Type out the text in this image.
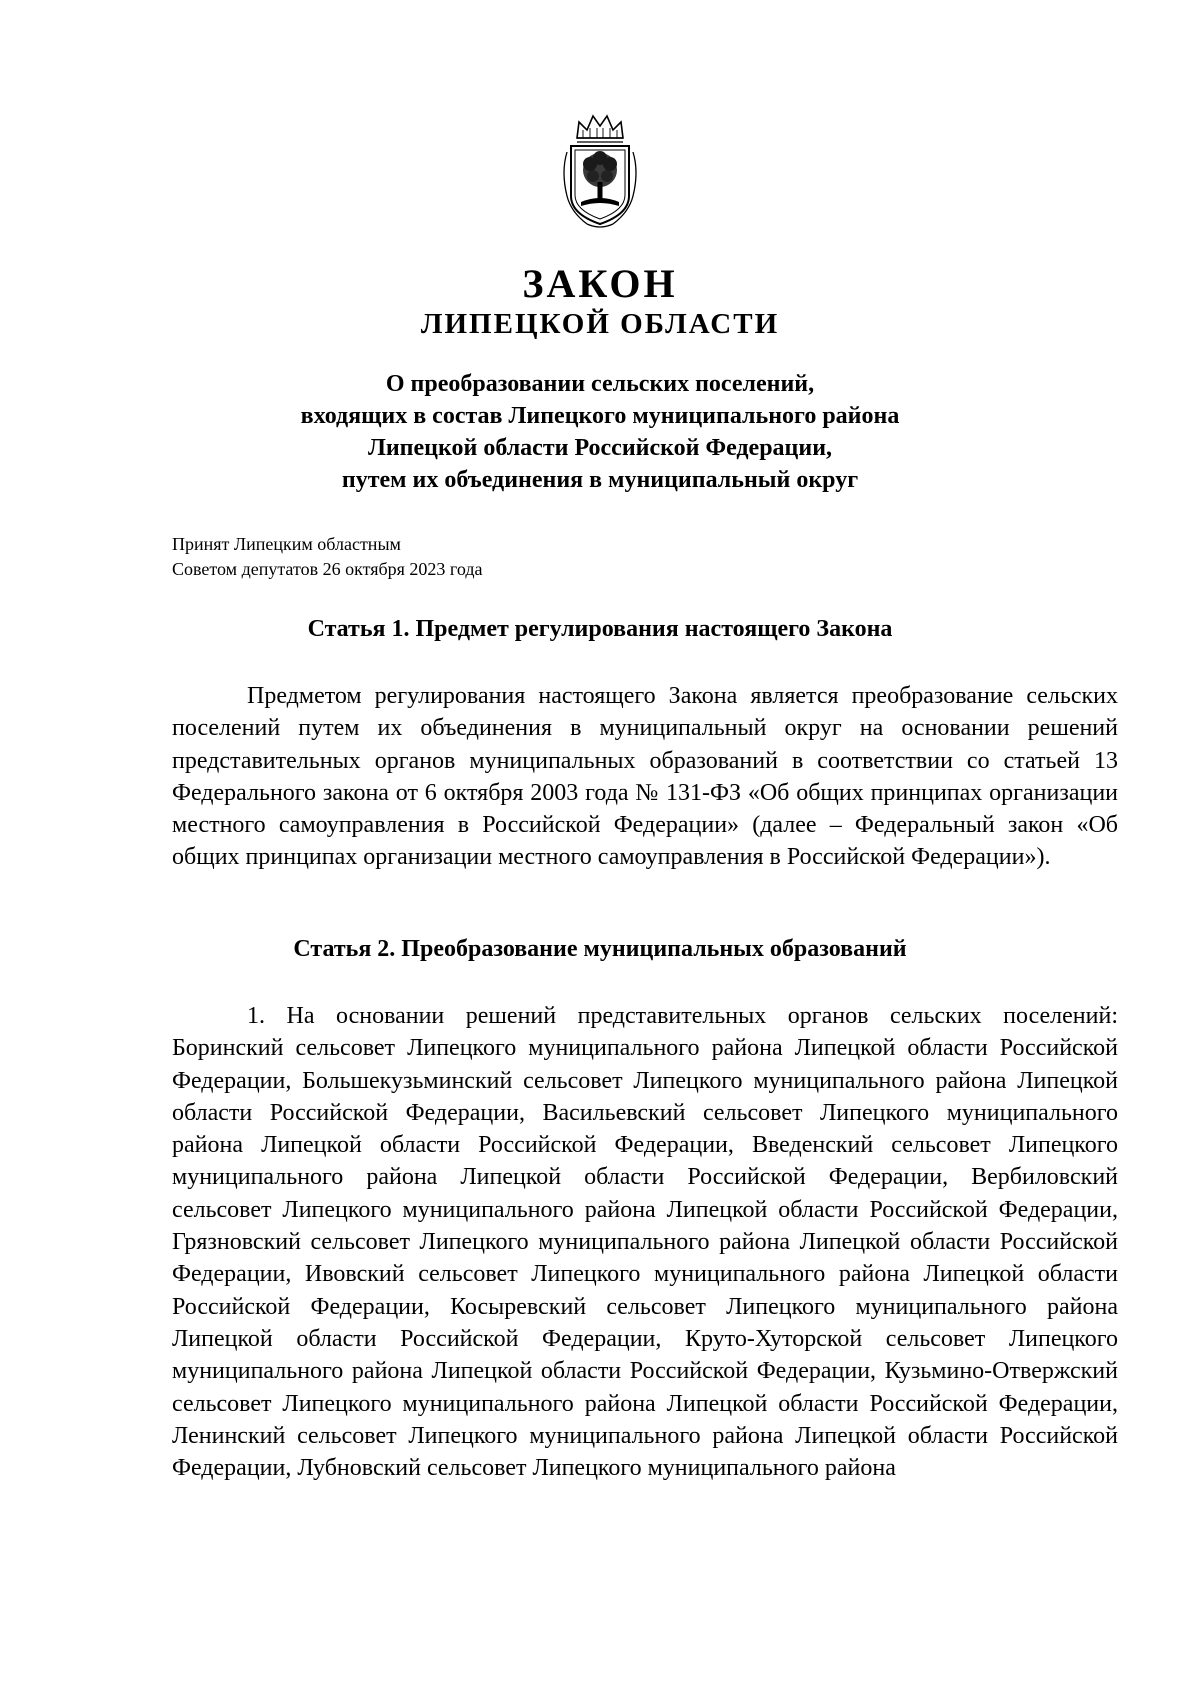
ЗАКОН
ЛИПЕЦКОЙ ОБЛАСТИ
О преобразовании сельских поселений,
входящих в состав Липецкого муниципального района
Липецкой области Российской Федерации,
путем их объединения в муниципальный округ
Принят Липецким областным
Советом депутатов 26 октября 2023 года
Статья 1. Предмет регулирования настоящего Закона

Предметом регулирования настоящего Закона является преобразование сельских поселений путем их объединения в муниципальный округ на основании решений представительных органов муниципальных образований в соответствии со статьей 13 Федерального закона от 6 октября 2003 года № 131-ФЗ «Об общих принципах организации местного самоуправления в Российской Федерации» (далее – Федеральный закон «Об общих принципах организации местного самоуправления в Российской Федерации»).

Статья 2. Преобразование муниципальных образований

1. На основании решений представительных органов сельских поселений: Боринский сельсовет Липецкого муниципального района Липецкой области Российской Федерации, Большекузьминский сельсовет Липецкого муниципального района Липецкой области Российской Федерации, Васильевский сельсовет Липецкого муниципального района Липецкой области Российской Федерации, Введенский сельсовет Липецкого муниципального района Липецкой области Российской Федерации, Вербиловский сельсовет Липецкого муниципального района Липецкой области Российской Федерации, Грязновский сельсовет Липецкого муниципального района Липецкой области Российской Федерации, Ивовский сельсовет Липецкого муниципального района Липецкой области Российской Федерации, Косыревский сельсовет Липецкого муниципального района Липецкой области Российской Федерации, Круто-Хуторской сельсовет Липецкого муниципального района Липецкой области Российской Федерации, Кузьмино-Отвержский сельсовет Липецкого муниципального района Липецкой области Российской Федерации, Ленинский сельсовет Липецкого муниципального района Липецкой области Российской Федерации, Лубновский сельсовет Липецкого муниципального района
